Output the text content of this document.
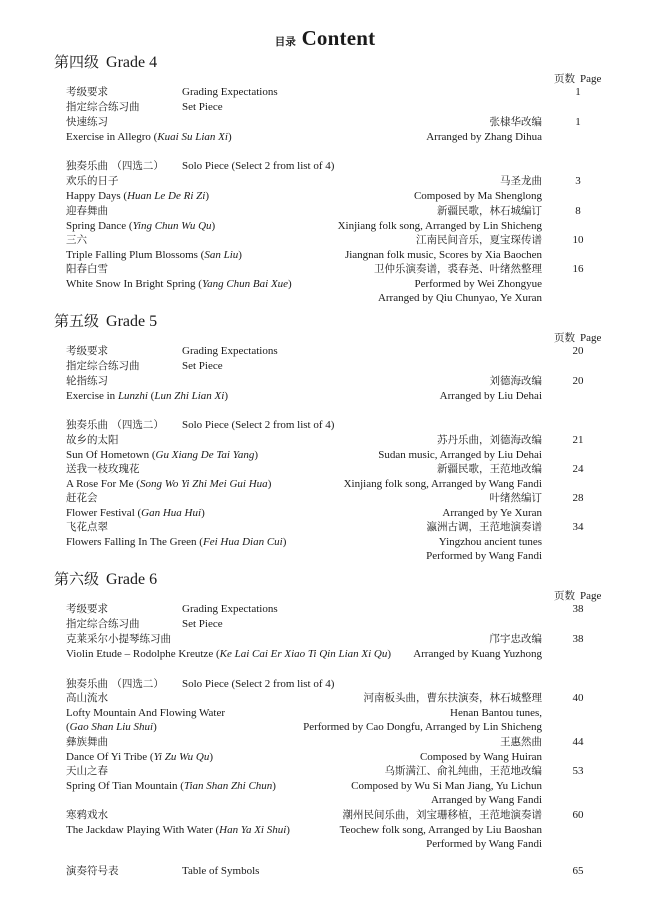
目录 Content
第四级 Grade 4
页数 Page
考级要求	Grading Expectations	1
指定综合练习曲	Set Piece
快速练习	张棣华改编	1
Exercise in Allegro (Kuai Su Lian Xi)	Arranged by Zhang Dihua
独奏乐曲 （四选二） Solo Piece (Select 2 from list of 4)
欢乐的日子	马圣龙曲	3
Happy Days (Huan Le De Ri Zi)	Composed by Ma Shenglong
迎春舞曲	新疆民歌，林石城编订	8
Spring Dance (Ying Chun Wu Qu)	Xinjiang folk song, Arranged by Lin Shicheng
三六	江南民间音乐，夏宝琛传谱	10
Triple Falling Plum Blossoms (San Liu)	Jiangnan folk music, Scores by Xia Baochen
阳春白雪	卫仲乐演奏谱，裘春尧、叶绪然整理	16
White Snow In Bright Spring (Yang Chun Bai Xue)	Performed by Wei Zhongyue
Arranged by Qiu Chunyao, Ye Xuran
第五级 Grade 5
页数 Page
考级要求	Grading Expectations	20
指定综合练习曲	Set Piece
轮指练习	刘德海改编	20
Exercise in Lunzhi (Lun Zhi Lian Xi)	Arranged by Liu Dehai
独奏乐曲 （四选二） Solo Piece (Select 2 from list of 4)
故乡的太阳	苏丹乐曲，刘德海改编	21
Sun Of Hometown (Gu Xiang De Tai Yang)	Sudan music, Arranged by Liu Dehai
送我一枝玫瑰花	新疆民歌，王范地改编	24
A Rose For Me (Song Wo Yi Zhi Mei Gui Hua)	Xinjiang folk song, Arranged by Wang Fandi
赶花会	叶绪然编订	28
Flower Festival (Gan Hua Hui)	Arranged by Ye Xuran
飞花点翠	瀛洲古调，王范地演奏谱	34
Flowers Falling In The Green (Fei Hua Dian Cui)	Yingzhou ancient tunes
Performed by Wang Fandi
第六级 Grade 6
页数 Page
考级要求	Grading Expectations	38
指定综合练习曲	Set Piece
克莱采尔小提琴练习曲	邝宇忠改编	38
Violin Etude – Rodolphe Kreutze (Ke Lai Cai Er Xiao Ti Qin Lian Xi Qu) Arranged by Kuang Yuzhong
独奏乐曲 （四选二） Solo Piece (Select 2 from list of 4)
高山流水	河南板头曲，曹东扶演奏，林石城整理	40
Lofty Mountain And Flowing Water	Henan Bantou tunes,
(Gao Shan Liu Shui)	Performed by Cao Dongfu, Arranged by Lin Shicheng
彝族舞曲	王惠然曲	44
Dance Of Yi Tribe (Yi Zu Wu Qu)	Composed by Wang Huiran
天山之春	乌斯满江、俞礼纯曲，王范地改编	53
Spring Of Tian Mountain (Tian Shan Zhi Chun)	Composed by Wu Si Man Jiang, Yu Lichun
Arranged by Wang Fandi
寒鸦戏水	潮州民间乐曲，刘宝珊移植，王范地演奏谱	60
The Jackdaw Playing With Water (Han Ya Xi Shui)	Teochew folk song, Arranged by Liu Baoshan
Performed by Wang Fandi
演奏符号表	Table of Symbols	65
